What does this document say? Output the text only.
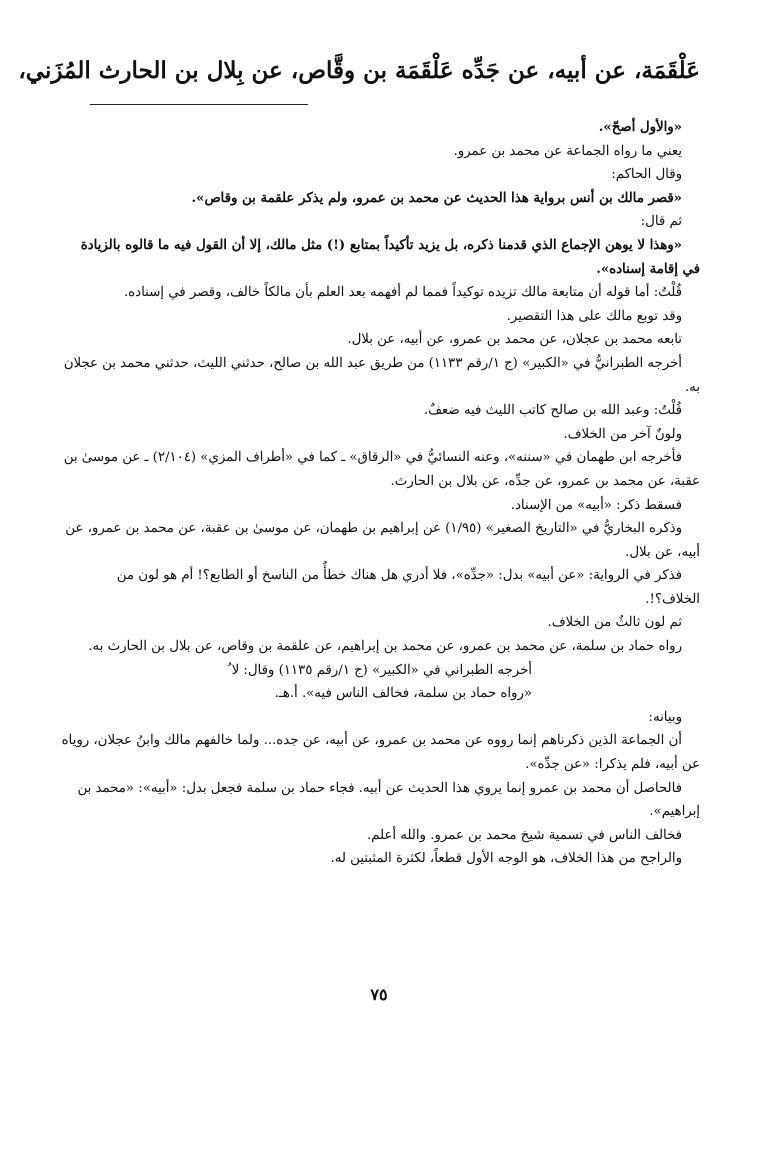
عَلْقَمَة، عن أبيه، عن جَدِّه عَلْقَمَة بن وقَّاص، عن بِلال بن الحارث المُزَني،

«والأول أصحّ».

يعني ما رواه الجماعة عن محمد بن عمرو.

وقال الحاكم:

«قصر مالك بن أنس برواية هذا الحديث عن محمد بن عمرو، ولم يذكر علقمة بن وقاص».

ثم قال:

«وهذا لا يوهن الإجماع الذي قدمنا ذكره، بل يزيد تأكيداً بمتابع (!) مثل مالك، إلا أن القول فيه ما قالوه بالزيادة في إقامة إسناده».

قُلْتُ: أما قوله أن متابعة مالك تزيده توكيداً فمما لم أفهمه بعد العلم بأن مالكاً خالف، وقصر في إسناده.

وقد توبع مالك على هذا التقصير.

تابعه محمد بن عجلان، عن محمد بن عمرو، عن أبيه، عن بلال.

أخرجه الطبرانيُّ في «الكبير» (ج ١/رقم ١١٣٣) من طريق عبد الله بن صالح، حدثني الليث، حدثني محمد بن عجلان به.

قُلْتُ: وعبد الله بن صالح كاتب الليث فيه ضعفٌ.

ولونٌ آخر من الخلاف.

فأخرجه ابن طهمان في «سننه»، وعنه النسائيُّ في «الرقاق» ـ كما في «أطراف المزي» (٢/١٠٤) ـ عن موسىٰ بن عقبة، عن محمد بن عمرو، عن جدِّه، عن بلال بن الحارث.

فسقط ذكر: «أبيه» من الإسناد.

وذكره البخاريُّ في «التاريخ الصغير» (١/٩٥) عن إبراهيم بن طهمان، عن موسىٰ بن عقبة، عن محمد بن عمرو، عن أبيه، عن بلال.

فذكر في الرواية: «عن أبيه» بدل: «جدِّه»، فلا أدري هل هناك خطأٌ من الناسخ أو الطابع؟! أم هو لون من الخلاف؟!.

ثم لون ثالثٌ من الخلاف.

رواه حماد بن سلمة، عن محمد بن عمرو، عن محمد بن إبراهيم، عن علقمة بن وقاص، عن بلال بن الحارث به.

أخرجه الطبراني في «الكبير» (ج ١/رقم ١١٣٥) وقال: لا ُ

«رواه حماد بن سلمة، فخالف الناس فيه». أ.هـ.

وبيانه:

أن الجماعة الذين ذكرناهم إنما رووه عن محمد بن عمرو، عن أبيه، عن جده... ولما خالفهم مالك وابنُ عجلان، روياه عن أبيه، فلم يذكرا: «عن جدِّه».

فالحاصل أن محمد بن عمرو إنما يروي هذا الحديث عن أبيه. فجاء حماد بن سلمة فجعل بدل: «أبيه»: «محمد بن إبراهيم».

فخالف الناس في تسمية شيخ محمد بن عمرو. والله أعلم.

والراجح من هذا الخلاف، هو الوجه الأول قطعاً، لكثرة المثبتين له.

٧٥
